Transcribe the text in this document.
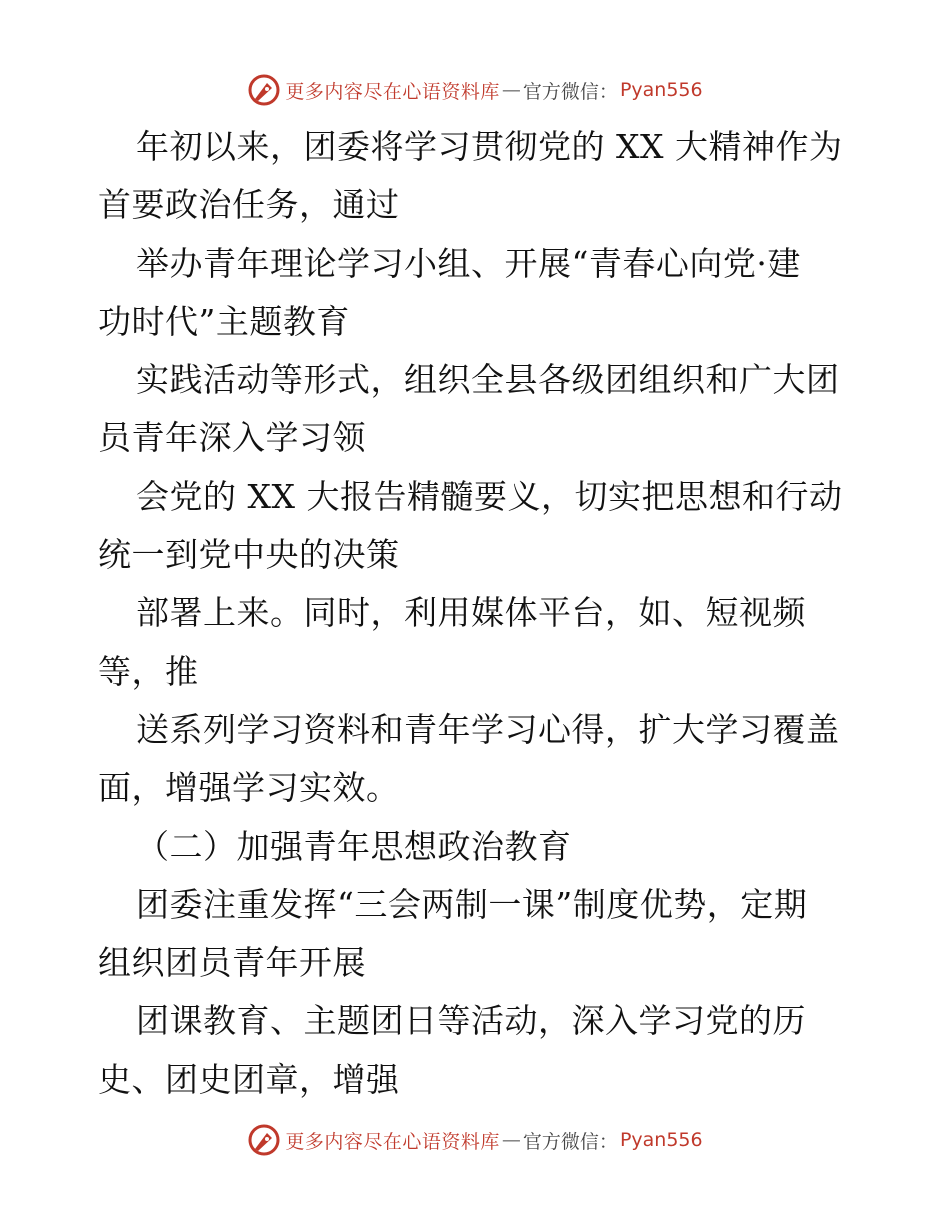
更多内容尽在心语资料库 — 官方微信： Pyan556
年初以来，团委将学习贯彻党的 XX 大精神作为
首要政治任务，通过
举办青年理论学习小组、开展“青春心向党·建
功时代”主题教育
实践活动等形式，组织全县各级团组织和广大团
员青年深入学习领
会党的 XX 大报告精髓要义，切实把思想和行动
统一到党中央的决策
部署上来。同时，利用媒体平台，如、短视频
等，推
送系列学习资料和青年学习心得，扩大学习覆盖
面，增强学习实效。
（二）加强青年思想政治教育
团委注重发挥“三会两制一课”制度优势，定期
组织团员青年开展
团课教育、主题团日等活动，深入学习党的历
史、团史团章，增强
更多内容尽在心语资料库 — 官方微信： Pyan556
